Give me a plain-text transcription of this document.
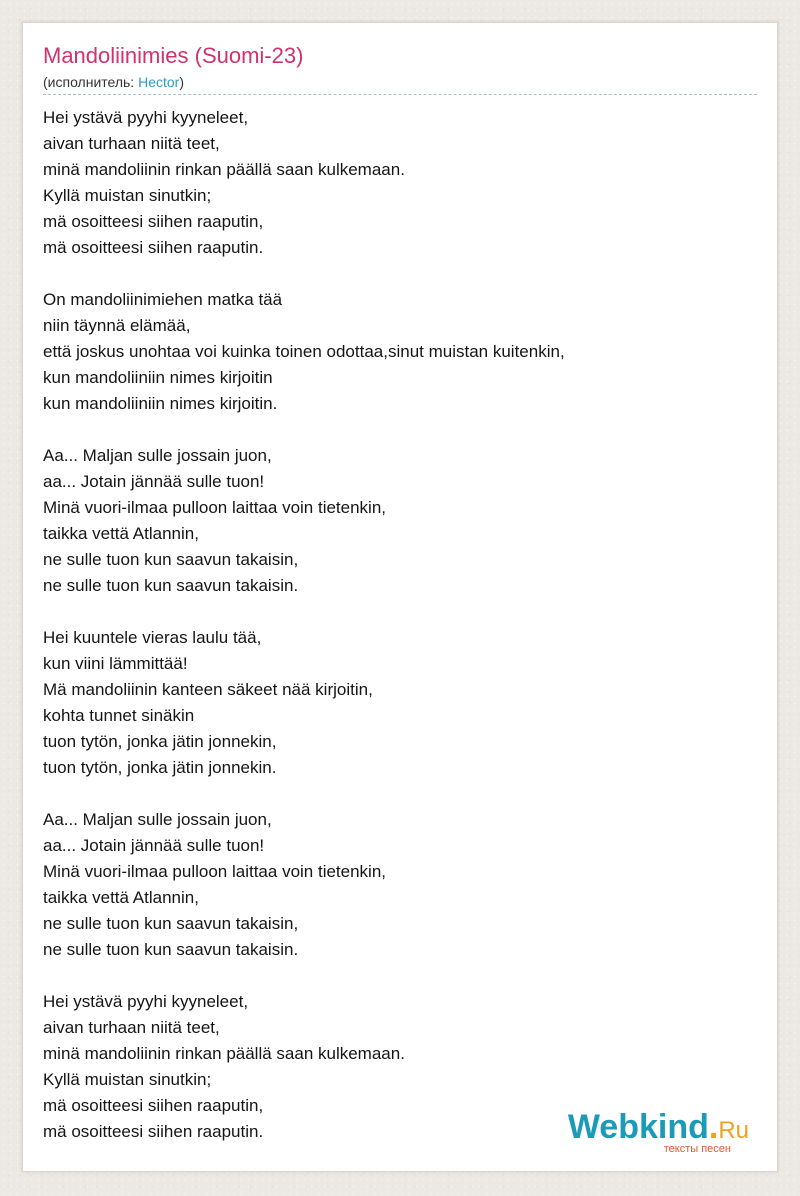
Mandoliinimies (Suomi-23)
(исполнитель: Hector)
Hei ystävä pyyhi kyyneleet,
aivan turhaan niitä teet,
minä mandoliinin rinkan päällä saan kulkemaan.
Kyllä muistan sinutkin;
mä osoitteesi siihen raaputin,
mä osoitteesi siihen raaputin.
On mandoliinimiehen matka tää
niin täynnä elämää,
että joskus unohtaa voi kuinka toinen odottaa,sinut muistan kuitenkin,
kun mandoliiniin nimes kirjoitin
kun mandoliiniin nimes kirjoitin.
Aa... Maljan sulle jossain juon,
aa... Jotain jännää sulle tuon!
Minä vuori-ilmaa pulloon laittaa voin tietenkin,
taikka vettä Atlannin,
ne sulle tuon kun saavun takaisin,
ne sulle tuon kun saavun takaisin.
Hei kuuntele vieras laulu tää,
kun viini lämmittää!
Mä mandoliinin kanteen säkeet nää kirjoitin,
kohta tunnet sinäkin
tuon tytön, jonka jätin jonnekin,
tuon tytön, jonka jätin jonnekin.
Aa... Maljan sulle jossain juon,
aa... Jotain jännää sulle tuon!
Minä vuori-ilmaa pulloon laittaa voin tietenkin,
taikka vettä Atlannin,
ne sulle tuon kun saavun takaisin,
ne sulle tuon kun saavun takaisin.
Hei ystävä pyyhi kyyneleet,
aivan turhaan niitä teet,
minä mandoliinin rinkan päällä saan kulkemaan.
Kyllä muistan sinutkin;
mä osoitteesi siihen raaputin,
mä osoitteesi siihen raaputin.	Webkind.Ru
тексты песен
